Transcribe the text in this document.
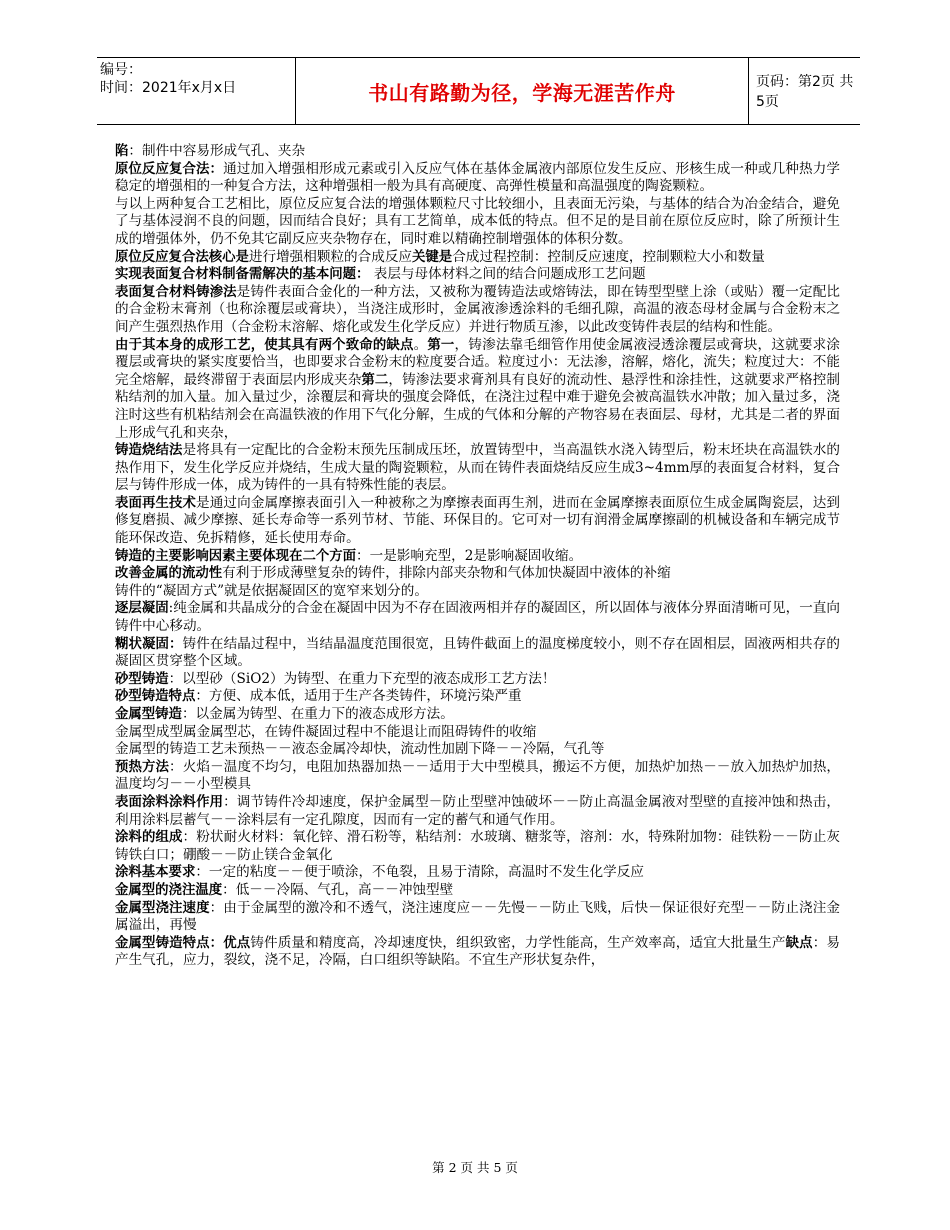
编号：
时间：2021年x月x日	书山有路勤为径，学海无涯苦作舟	页码：第2页 共5页

陷：制件中容易形成气孔、夹杂

原位反应复合法：通过加入增强相形成元素或引入反应气体在基体金属液内部原位发生反应、形核生成一种或几种热力学稳定的增强相的一种复合方法，这种增强相一般为具有高硬度、高弹性模量和高温强度的陶瓷颗粒。

与以上两种复合工艺相比，原位反应复合法的增强体颗粒尺寸比较细小，且表面无污染，与基体的结合为冶金结合，避免了与基体浸润不良的问题，因而结合良好；具有工艺简单，成本低的特点。但不足的是目前在原位反应时，除了所预计生成的增强体外，仍不免其它副反应夹杂物存在，同时难以精确控制增强体的体积分数。

原位反应复合法核心是进行增强相颗粒的合成反应关键是合成过程控制：控制反应速度，控制颗粒大小和数量

实现表面复合材料制备需解决的基本问题： 表层与母体材料之间的结合问题成形工艺问题

表面复合材料铸渗法是铸件表面合金化的一种方法，又被称为覆铸造法或熔铸法，即在铸型型壁上涂（或贴）覆一定配比的合金粉末膏剂（也称涂覆层或膏块），当浇注成形时，金属液渗透涂料的毛细孔隙，高温的液态母材金属与合金粉末之间产生强烈热作用（合金粉末溶解、熔化或发生化学反应）并进行物质互渗，以此改变铸件表层的结构和性能。

由于其本身的成形工艺，使其具有两个致命的缺点。第一，铸渗法靠毛细管作用使金属液浸透涂覆层或膏块，这就要求涂覆层或膏块的紧实度要恰当，也即要求合金粉末的粒度要合适。粒度过小：无法渗，溶解，熔化，流失；粒度过大：不能完全熔解，最终滞留于表面层内形成夹杂第二，铸渗法要求膏剂具有良好的流动性、悬浮性和涂挂性，这就要求严格控制粘结剂的加入量。加入量过少，涂覆层和膏块的强度会降低，在浇注过程中难于避免会被高温铁水冲散；加入量过多，浇注时这些有机粘结剂会在高温铁液的作用下气化分解，生成的气体和分解的产物容易在表面层、母材，尤其是二者的界面上形成气孔和夹杂，

铸造烧结法是将具有一定配比的合金粉末预先压制成压坯，放置铸型中，当高温铁水浇入铸型后，粉末坯块在高温铁水的热作用下，发生化学反应并烧结，生成大量的陶瓷颗粒，从而在铸件表面烧结反应生成3~4mm厚的表面复合材料，复合层与铸件形成一体，成为铸件的一具有特殊性能的表层。

表面再生技术是通过向金属摩擦表面引入一种被称之为摩擦表面再生剂，进而在金属摩擦表面原位生成金属陶瓷层，达到修复磨损、减少摩擦、延长寿命等一系列节材、节能、环保目的。它可对一切有润滑金属摩擦副的机械设备和车辆完成节能环保改造、免拆精修，延长使用寿命。

铸造的主要影响因素主要体现在二个方面：一是影响充型，2是影响凝固收缩。

改善金属的流动性有利于形成薄壁复杂的铸件，排除内部夹杂物和气体加快凝固中液体的补缩

铸件的“凝固方式”就是依据凝固区的宽窄来划分的。

逐层凝固:纯金属和共晶成分的合金在凝固中因为不存在固液两相并存的凝固区，所以固体与液体分界面清晰可见，一直向铸件中心移动。

糊状凝固：铸件在结晶过程中，当结晶温度范围很宽，且铸件截面上的温度梯度较小，则不存在固相层，固液两相共存的凝固区贯穿整个区域。

砂型铸造：以型砂（SiO2）为铸型、在重力下充型的液态成形工艺方法！

砂型铸造特点：方便、成本低，适用于生产各类铸件，环境污染严重

金属型铸造：以金属为铸型、在重力下的液态成形方法。

金属型成型属金属型芯，在铸件凝固过程中不能退让而阻碍铸件的收缩

金属型的铸造工艺未预热－－液态金属冷却快，流动性加剧下降－－冷隔，气孔等

预热方法：火焰－温度不均匀，电阻加热器加热－－适用于大中型模具，搬运不方便，加热炉加热－－放入加热炉加热，温度均匀－－小型模具

表面涂料涂料作用：调节铸件冷却速度，保护金属型－防止型壁冲蚀破坏－－防止高温金属液对型壁的直接冲蚀和热击，利用涂料层蓄气－－涂料层有一定孔隙度，因而有一定的蓄气和通气作用。

涂料的组成：粉状耐火材料：氧化锌、滑石粉等，粘结剂：水玻璃、糖浆等，溶剂：水，特殊附加物：硅铁粉－－防止灰铸铁白口；硼酸－－防止镁合金氧化

涂料基本要求：一定的粘度－－便于喷涂，不龟裂，且易于清除，高温时不发生化学反应

金属型的浇注温度：低－－冷隔、气孔，高－－冲蚀型壁

金属型浇注速度：由于金属型的激冷和不透气，浇注速度应－－先慢－－防止飞贱，后快－保证很好充型－－防止浇注金属溢出，再慢

金属型铸造特点：优点铸件质量和精度高，冷却速度快，组织致密，力学性能高，生产效率高，适宜大批量生产缺点：易产生气孔，应力，裂纹，浇不足，冷隔，白口组织等缺陷。不宜生产形状复杂件，

第 2 页 共 5 页
